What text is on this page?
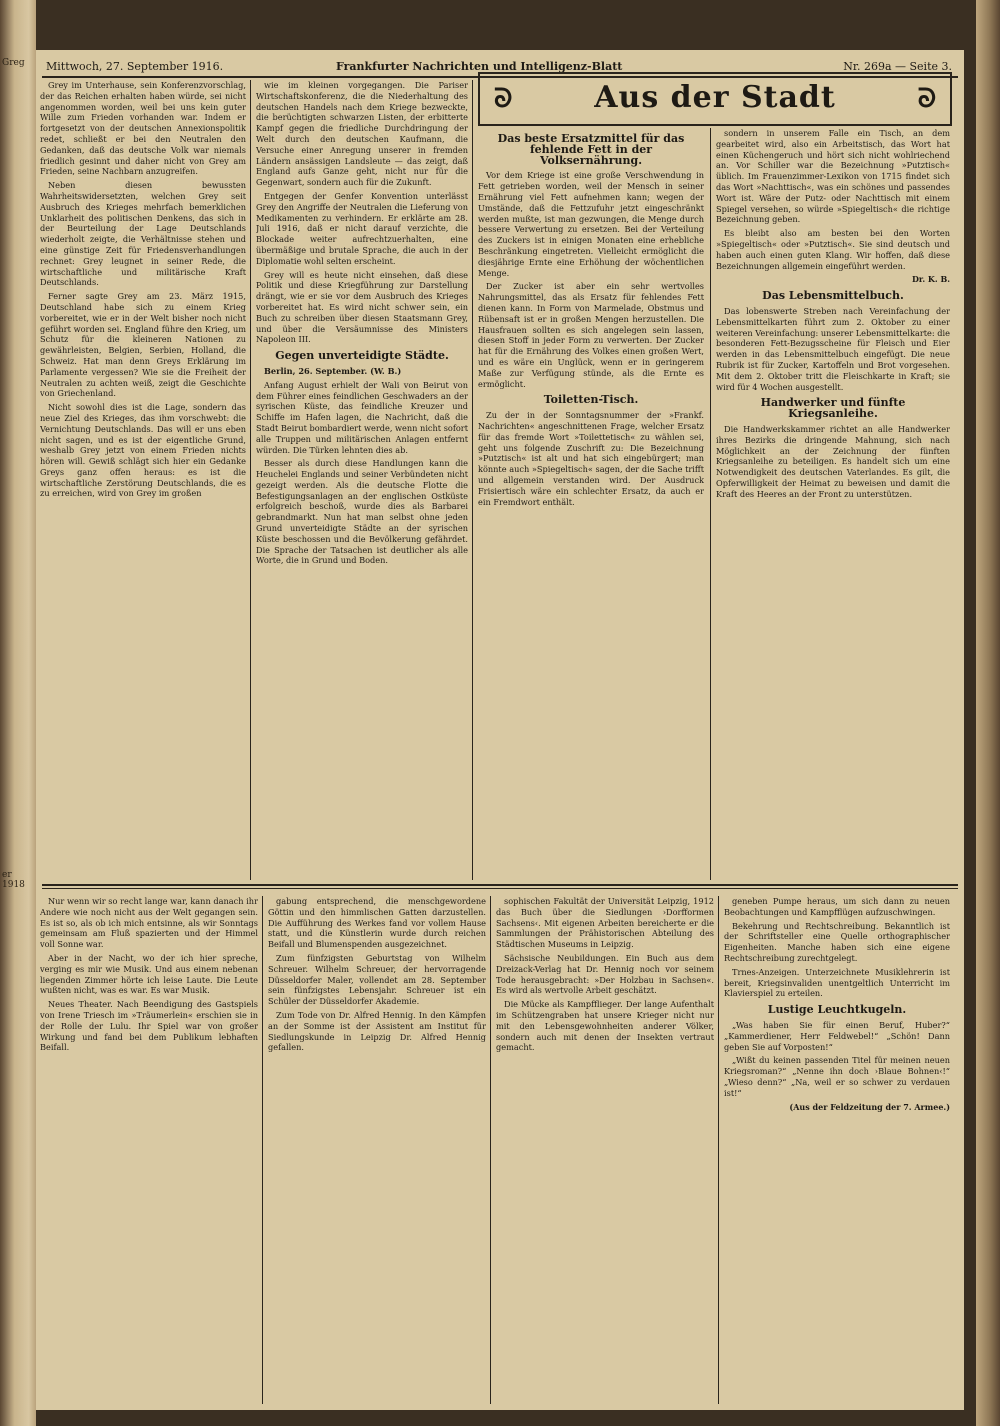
Greg
er 1918
Mittwoch, 27. September 1916.	Frankfurter Nachrichten und Intelligenz-Blatt	Nr. 269a — Seite 3.
ᘐ	Aus der Stadt	ᘐ

Grey im Unterhause, sein Konferenzvorschlag, der das Reichen erhalten haben würde, sei nicht angenommen worden, weil bei uns kein guter Wille zum Frieden vorhanden war. Indem er fortgesetzt von der deutschen Annexionspolitik redet, schließt er bei den Neutralen den Gedanken, daß das deutsche Volk war niemals friedlich gesinnt und daher nicht von Grey am Frieden, seine Nachbarn anzugreifen.

Neben diesen bewussten Wahrheitswidersetzten, welchen Grey seit Ausbruch des Krieges mehrfach bemerklichen Unklarheit des politischen Denkens, das sich in der Beurteilung der Lage Deutschlands wiederholt zeigte, die Verhältnisse stehen und eine günstige Zeit für Friedensverhandlungen rechnet: Grey leugnet in seiner Rede, die wirtschaftliche und militärische Kraft Deutschlands.

Ferner sagte Grey am 23. März 1915, Deutschland habe sich zu einem Krieg vorbereitet, wie er in der Welt bisher noch nicht geführt worden sei. England führe den Krieg, um Schutz für die kleineren Nationen zu gewährleisten, Belgien, Serbien, Holland, die Schweiz. Hat man denn Greys Erklärung im Parlamente vergessen? Wie sie die Freiheit der Neutralen zu achten weiß, zeigt die Geschichte von Griechenland.

Nicht sowohl dies ist die Lage, sondern das neue Ziel des Krieges, das ihm vorschwebt: die Vernichtung Deutschlands. Das will er uns eben nicht sagen, und es ist der eigentliche Grund, weshalb Grey jetzt von einem Frieden nichts hören will. Gewiß schlägt sich hier ein Gedanke Greys ganz offen heraus: es ist die wirtschaftliche Zerstörung Deutschlands, die es zu erreichen, wird von Grey im großen

wie im kleinen vorgegangen. Die Pariser Wirtschaftskonferenz, die die Niederhaltung des deutschen Handels nach dem Kriege bezweckte, die berüchtigten schwarzen Listen, der erbitterte Kampf gegen die friedliche Durchdringung der Welt durch den deutschen Kaufmann, die Versuche einer Anregung unserer in fremden Ländern ansässigen Landsleute — das zeigt, daß England aufs Ganze geht, nicht nur für die Gegenwart, sondern auch für die Zukunft.

Entgegen der Genfer Konvention unterlässt Grey den Angriffe der Neutralen die Lieferung von Medikamenten zu verhindern. Er erklärte am 28. Juli 1916, daß er nicht darauf verzichte, die Blockade weiter aufrechtzuerhalten, eine übermäßige und brutale Sprache, die auch in der Diplomatie wohl selten erscheint.

Grey will es heute nicht einsehen, daß diese Politik und diese Kriegführung zur Darstellung drängt, wie er sie vor dem Ausbruch des Krieges vorbereitet hat. Es wird nicht schwer sein, ein Buch zu schreiben über diesen Staatsmann Grey, und über die Versäumnisse des Ministers Napoleon III.

Gegen unverteidigte Städte.

Berlin, 26. September. (W. B.)

Anfang August erhielt der Wali von Beirut von dem Führer eines feindlichen Geschwaders an der syrischen Küste, das feindliche Kreuzer und Schiffe im Hafen lagen, die Nachricht, daß die Stadt Beirut bombardiert werde, wenn nicht sofort alle Truppen und militärischen Anlagen entfernt würden. Die Türken lehnten dies ab.

Besser als durch diese Handlungen kann die Heuchelei Englands und seiner Verbündeten nicht gezeigt werden. Als die deutsche Flotte die Befestigungsanlagen an der englischen Ostküste erfolgreich beschoß, wurde dies als Barbarei gebrandmarkt. Nun hat man selbst ohne jeden Grund unverteidigte Städte an der syrischen Küste beschossen und die Bevölkerung gefährdet. Die Sprache der Tatsachen ist deutlicher als alle Worte, die in Grund und Boden.

Das beste Ersatzmittel für das fehlende Fett in der Volksernährung.

Vor dem Kriege ist eine große Verschwendung in Fett getrieben worden, weil der Mensch in seiner Ernährung viel Fett aufnehmen kann; wegen der Umstände, daß die Fettzufuhr jetzt eingeschränkt werden mußte, ist man gezwungen, die Menge durch bessere Verwertung zu ersetzen. Bei der Verteilung des Zuckers ist in einigen Monaten eine erhebliche Beschränkung eingetreten. Vielleicht ermöglicht die diesjährige Ernte eine Erhöhung der wöchentlichen Menge.

Der Zucker ist aber ein sehr wertvolles Nahrungsmittel, das als Ersatz für fehlendes Fett dienen kann. In Form von Marmelade, Obstmus und Rübensaft ist er in großen Mengen herzustellen. Die Hausfrauen sollten es sich angelegen sein lassen, diesen Stoff in jeder Form zu verwerten. Der Zucker hat für die Ernährung des Volkes einen großen Wert, und es wäre ein Unglück, wenn er in geringerem Maße zur Verfügung stünde, als die Ernte es ermöglicht.

Toiletten-Tisch.

Zu der in der Sonntagsnummer der »Frankf. Nachrichten« angeschnittenen Frage, welcher Ersatz für das fremde Wort »Toilettetisch« zu wählen sei, geht uns folgende Zuschrift zu: Die Bezeichnung »Putztisch« ist alt und hat sich eingebürgert; man könnte auch »Spiegeltisch« sagen, der die Sache trifft und allgemein verstanden wird. Der Ausdruck Frisiertisch wäre ein schlechter Ersatz, da auch er ein Fremdwort enthält.

sondern in unserem Falle ein Tisch, an dem gearbeitet wird, also ein Arbeitstisch, das Wort hat einen Küchengeruch und hört sich nicht wohlriechend an. Vor Schiller war die Bezeichnung »Putztisch« üblich. Im Frauenzimmer-Lexikon von 1715 findet sich das Wort »Nachttisch«, was ein schönes und passendes Wort ist. Wäre der Putz- oder Nachttisch mit einem Spiegel versehen, so würde »Spiegeltisch« die richtige Bezeichnung geben.

Es bleibt also am besten bei den Worten »Spiegeltisch« oder »Putztisch«. Sie sind deutsch und haben auch einen guten Klang. Wir hoffen, daß diese Bezeichnungen allgemein eingeführt werden.

Dr. K. B.
Das Lebensmittelbuch.

Das lobenswerte Streben nach Vereinfachung der Lebensmittelkarten führt zum 2. Oktober zu einer weiteren Vereinfachung: unserer Lebensmittelkarte: die besonderen Fett-Bezugsscheine für Fleisch und Eier werden in das Lebensmittelbuch eingefügt. Die neue Rubrik ist für Zucker, Kartoffeln und Brot vorgesehen. Mit dem 2. Oktober tritt die Fleischkarte in Kraft; sie wird für 4 Wochen ausgestellt.

Handwerker und fünfte Kriegsanleihe.

Die Handwerkskammer richtet an alle Handwerker ihres Bezirks die dringende Mahnung, sich nach Möglichkeit an der Zeichnung der fünften Kriegsanleihe zu beteiligen. Es handelt sich um eine Notwendigkeit des deutschen Vaterlandes. Es gilt, die Opferwilligkeit der Heimat zu beweisen und damit die Kraft des Heeres an der Front zu unterstützen.

Nur wenn wir so recht lange war, kann danach ihr Andere wie noch nicht aus der Welt gegangen sein. Es ist so, als ob ich mich entsinne, als wir Sonntags gemeinsam am Fluß spazierten und der Himmel voll Sonne war.

Aber in der Nacht, wo der ich hier spreche, verging es mir wie Musik. Und aus einem nebenan liegenden Zimmer hörte ich leise Laute. Die Leute wußten nicht, was es war. Es war Musik.

Neues Theater. Nach Beendigung des Gastspiels von Irene Triesch im »Träumerlein« erschien sie in der Rolle der Lulu. Ihr Spiel war von großer Wirkung und fand bei dem Publikum lebhaften Beifall.

gabung entsprechend, die menschgewordene Göttin und den himmlischen Gatten darzustellen. Die Aufführung des Werkes fand vor vollem Hause statt, und die Künstlerin wurde durch reichen Beifall und Blumenspenden ausgezeichnet.

Zum fünfzigsten Geburtstag von Wilhelm Schreuer. Wilhelm Schreuer, der hervorragende Düsseldorfer Maler, vollendet am 28. September sein fünfzigstes Lebensjahr. Schreuer ist ein Schüler der Düsseldorfer Akademie.

Zum Tode von Dr. Alfred Hennig. In den Kämpfen an der Somme ist der Assistent am Institut für Siedlungskunde in Leipzig Dr. Alfred Hennig gefallen.

sophischen Fakultät der Universität Leipzig, 1912 das Buch über die Siedlungen ›Dorfformen Sachsens‹. Mit eigenen Arbeiten bereicherte er die Sammlungen der Prähistorischen Abteilung des Städtischen Museums in Leipzig.

Sächsische Neubildungen. Ein Buch aus dem Dreizack-Verlag hat Dr. Hennig noch vor seinem Tode herausgebracht: »Der Holzbau in Sachsen«. Es wird als wertvolle Arbeit geschätzt.

Die Mücke als Kampfflieger. Der lange Aufenthalt im Schützengraben hat unsere Krieger nicht nur mit den Lebensgewohnheiten anderer Völker, sondern auch mit denen der Insekten vertraut gemacht.

geneben Pumpe heraus, um sich dann zu neuen Beobachtungen und Kampfflügen aufzuschwingen.

Bekehrung und Rechtschreibung. Bekanntlich ist der Schriftsteller eine Quelle orthographischer Eigenheiten. Manche haben sich eine eigene Rechtschreibung zurechtgelegt.

Trnes-Anzeigen. Unterzeichnete Musiklehrerin ist bereit, Kriegsinvaliden unentgeltlich Unterricht im Klavierspiel zu erteilen.

Lustige Leuchtkugeln.

„Was haben Sie für einen Beruf, Huber?“ „Kammerdiener, Herr Feldwebel!“ „Schön! Dann geben Sie auf Vorposten!“

„Wißt du keinen passenden Titel für meinen neuen Kriegsroman?“ „Nenne ihn doch ›Blaue Bohnen‹!“ „Wieso denn?“ „Na, weil er so schwer zu verdauen ist!“

(Aus der Feldzeitung der 7. Armee.)
